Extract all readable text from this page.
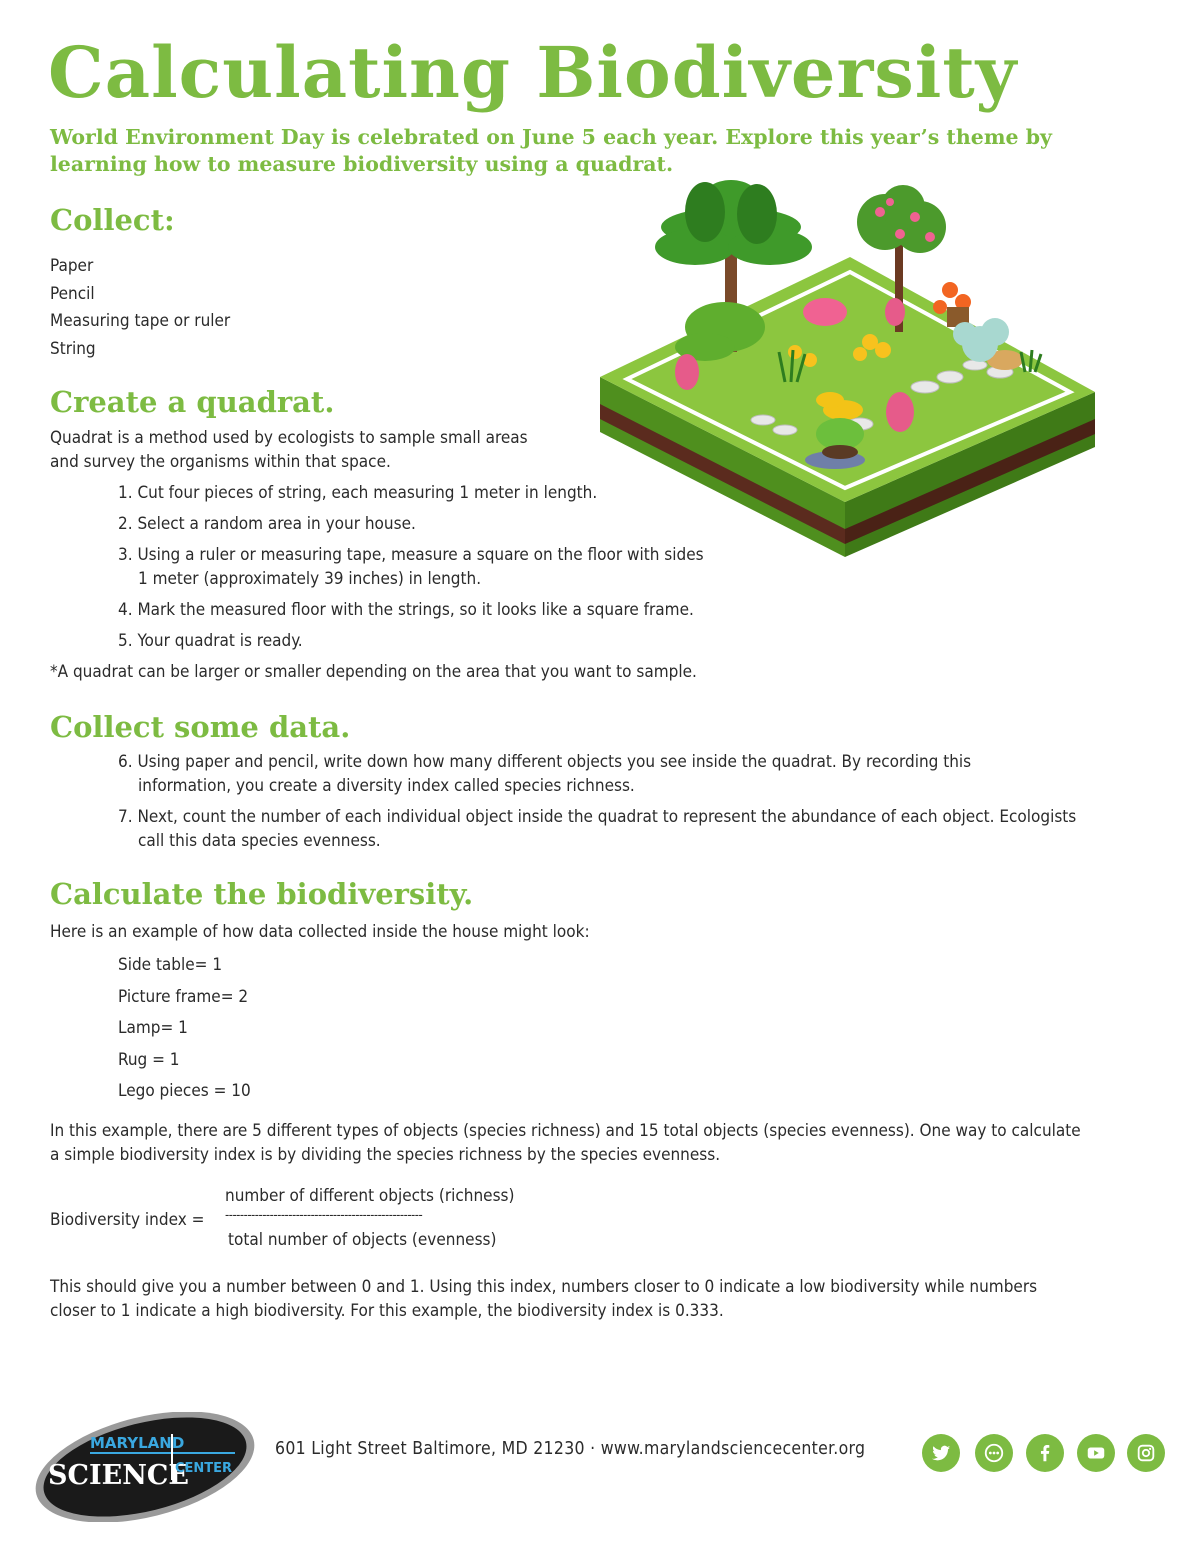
Calculating Biodiversity

World Environment Day is celebrated on June 5 each year. Explore this year’s theme by learning how to measure biodiversity using a quadrat.

Collect:
Paper
Pencil
Measuring tape or ruler
String
Create a quadrat.

Quadrat is a method used by ecologists to sample small areas
and survey the organisms within that space.

1. Cut four pieces of string, each measuring 1 meter in length.
2. Select a random area in your house.
3. Using a ruler or measuring tape, measure a square on the floor with sides
1 meter (approximately 39 inches) in length.
4. Mark the measured floor with the strings, so it looks like a square frame.
5. Your quadrat is ready.

*A quadrat can be larger or smaller depending on the area that you want to sample.

Collect some data.
6. Using paper and pencil, write down how many different objects you see inside the quadrat. By recording this
information, you create a diversity index called species richness.
7. Next, count the number of each individual object inside the quadrat to represent the abundance of each object. Ecologists
call this data species evenness.
Calculate the biodiversity.

Here is an example of how data collected inside the house might look:

Side table= 1
Picture frame= 2
Lamp= 1
Rug = 1
Lego pieces = 10

In this example, there are 5 different types of objects (species richness) and 15 total objects (species evenness). One way to calculate
a simple biodiversity index is by dividing the species richness by the species evenness.

Biodiversity index =
number of different objects (richness)
-----------------------------------------------------
total number of objects (evenness)

This should give you a number between 0 and 1. Using this index, numbers closer to 0 indicate a low biodiversity while numbers
closer to 1 indicate a high biodiversity. For this example, the biodiversity index is 0.333.

MARYLAND
SCIENCE
CENTER
601 Light Street Baltimore, MD 21230 · www.marylandsciencecenter.org
